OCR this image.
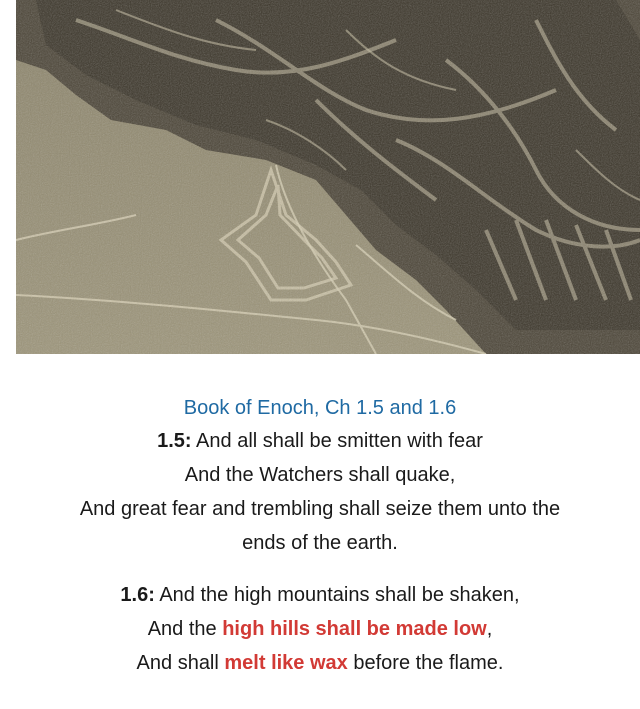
Book of Enoch, Ch 1.5 and 1.6

1.5: And all shall be smitten with fear

And the Watchers shall quake,

And great fear and trembling shall seize them unto the

ends of the earth.

1.6: And the high mountains shall be shaken,

And the high hills shall be made low,

And shall melt like wax before the flame.
